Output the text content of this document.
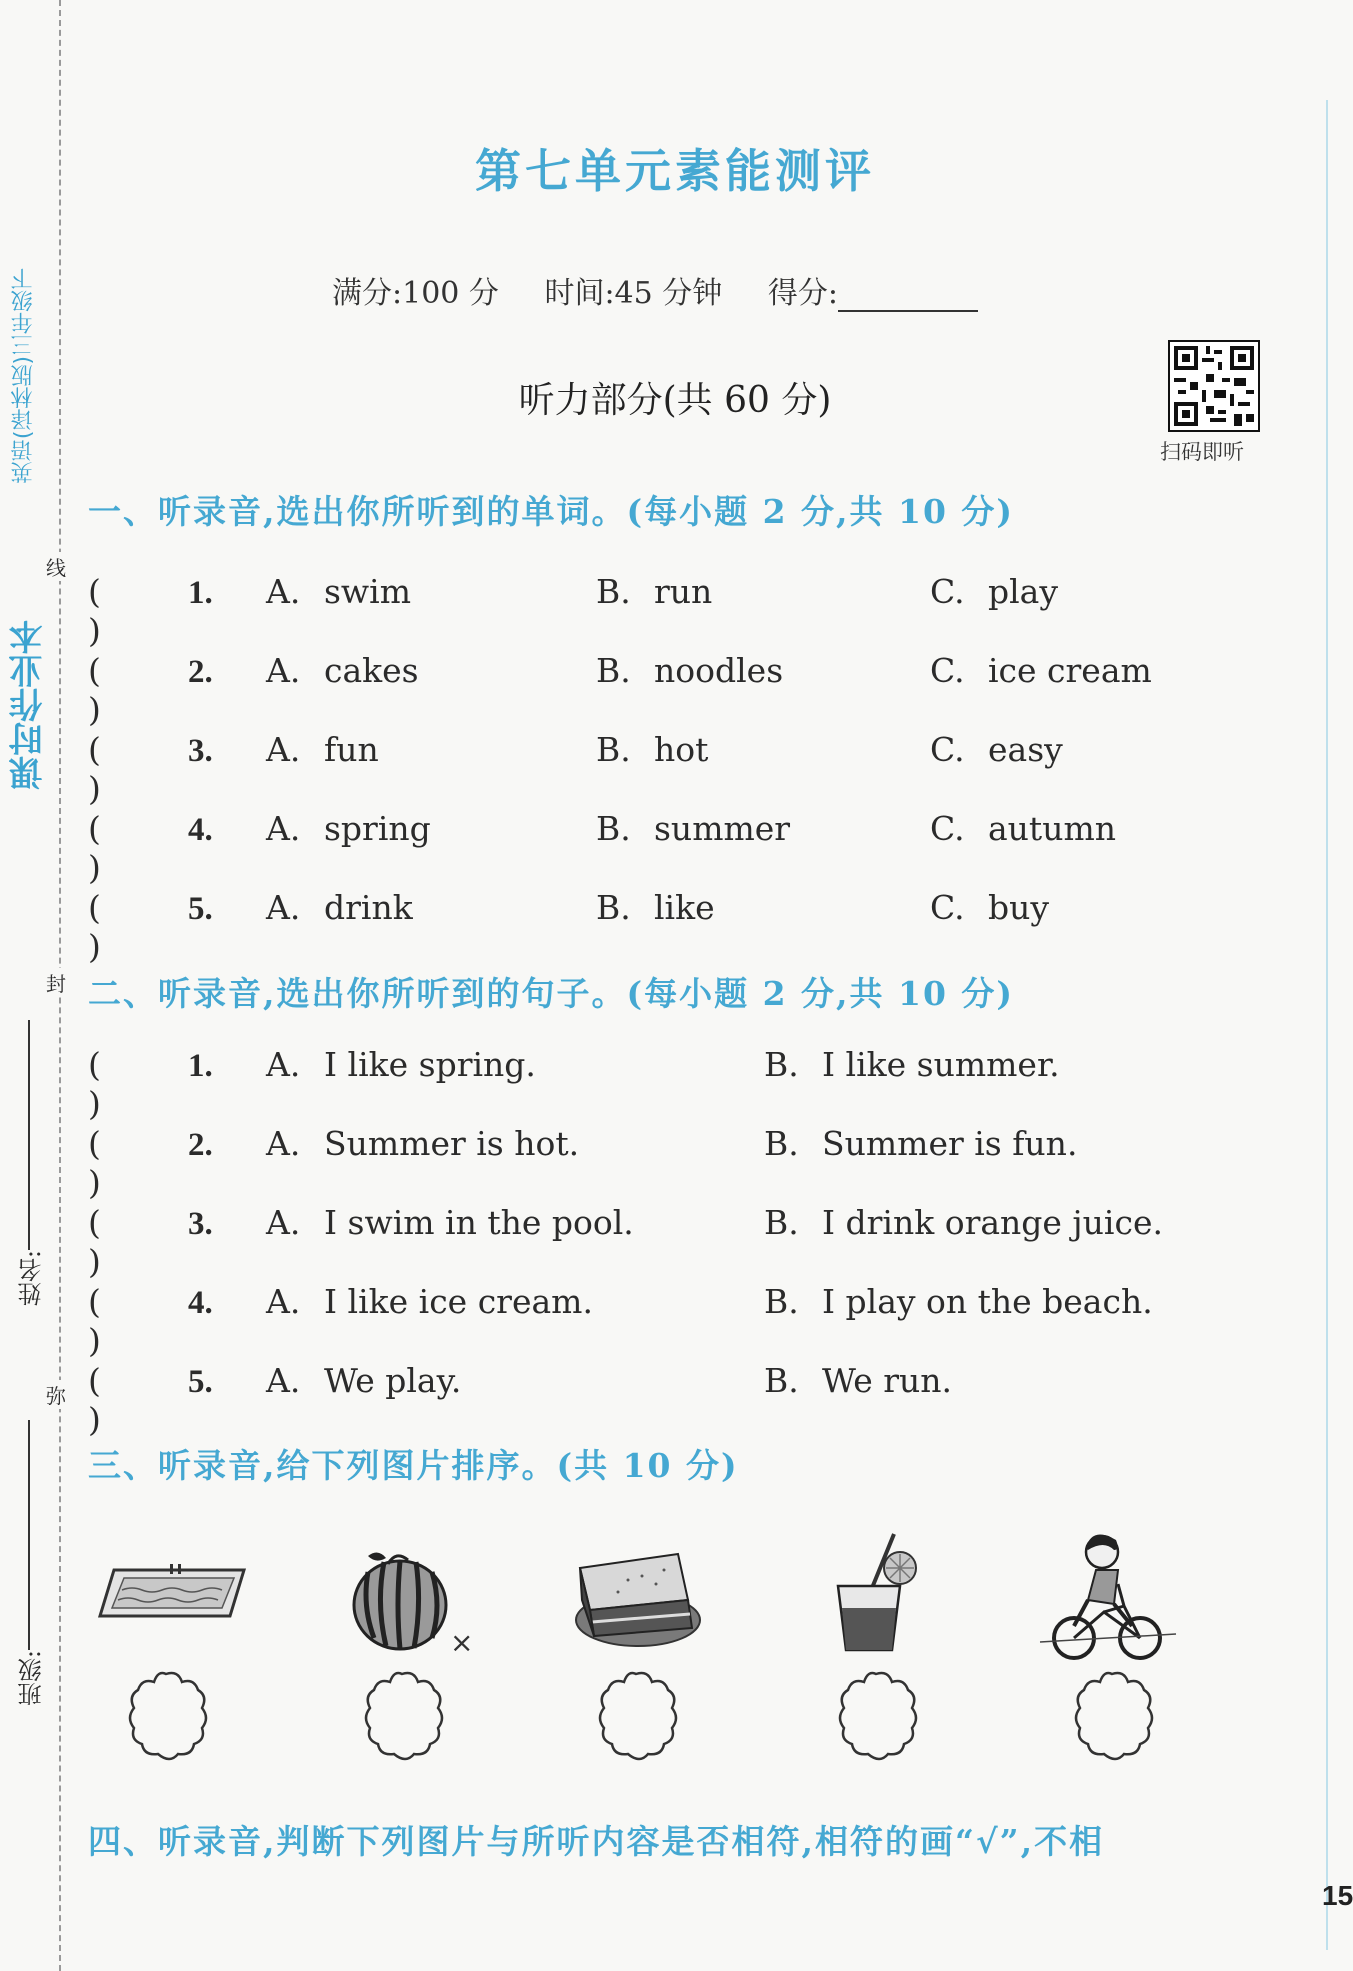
课时作业本
英语(译林版)三年级下
姓名:
班级:
线
封
弥
第七单元素能测评
满分:100 分 时间:45 分钟 得分:
听力部分(共 60 分)
扫码即听
一、听录音,选出你所听到的单词。(每小题 2 分,共 10 分)
()
1. A. swim	B. run	C. play
()
2. A. cakes	B. noodles	C. ice cream
()
3. A. fun	B. hot	C. easy
()
4. A. spring	B. summer	C. autumn
()
5. A. drink	B. like	C. buy
二、听录音,选出你所听到的句子。(每小题 2 分,共 10 分)
()
1. A. I like spring.	B. I like summer.
()
2. A. Summer is hot.	B. Summer is fun.
()
3. A. I swim in the pool.	B. I drink orange juice.
()
4. A. I like ice cream.	B. I play on the beach.
()
5. A. We play.	B. We run.
三、听录音,给下列图片排序。(共 10 分)
×
四、听录音,判断下列图片与所听内容是否相符,相符的画“√”,不相
15
